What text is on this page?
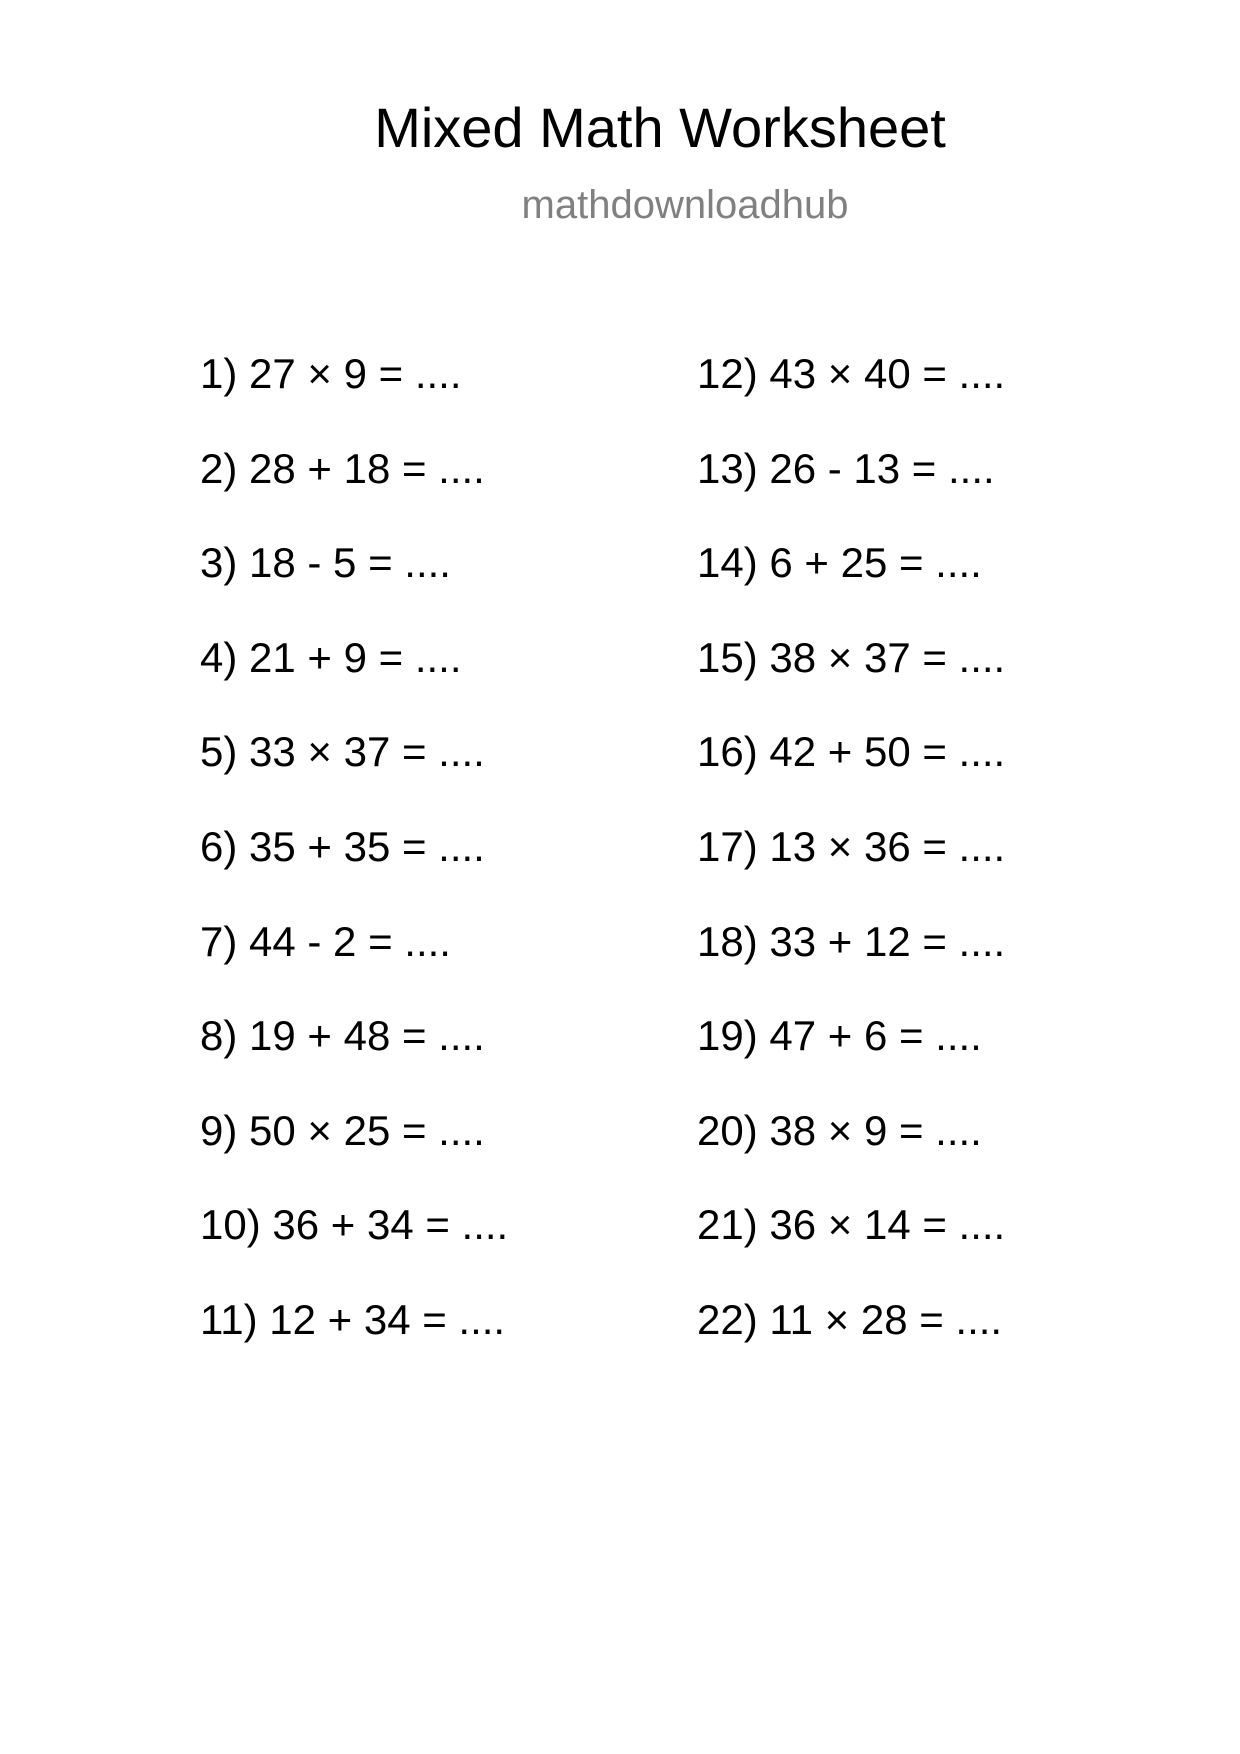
Mixed Math Worksheet
mathdownloadhub
1) 27 × 9 = ....
2) 28 + 18 = ....
3) 18 - 5 = ....
4) 21 + 9 = ....
5) 33 × 37 = ....
6) 35 + 35 = ....
7) 44 - 2 = ....
8) 19 + 48 = ....
9) 50 × 25 = ....
10) 36 + 34 = ....
11) 12 + 34 = ....
12) 43 × 40 = ....
13) 26 - 13 = ....
14) 6 + 25 = ....
15) 38 × 37 = ....
16) 42 + 50 = ....
17) 13 × 36 = ....
18) 33 + 12 = ....
19) 47 + 6 = ....
20) 38 × 9 = ....
21) 36 × 14 = ....
22) 11 × 28 = ....
